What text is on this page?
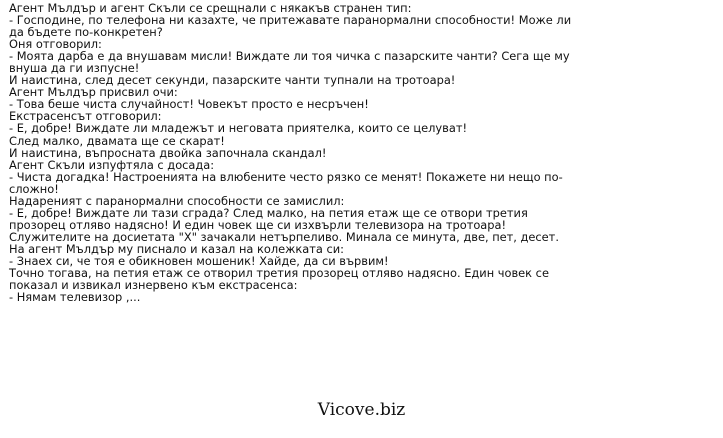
Агент Мълдър и агент Скъли се срещнали с някакъв странен тип:
- Господине, по телефона ни казахте, че притежавате паранормални способности! Може ли да бъдете по-конкретен?
Оня отговорил:
- Моята дарба е да внушавам мисли! Виждате ли тоя чичка с пазарските чанти? Сега ще му внуша да ги изпусне!
И наистина, след десет секунди, пазарските чанти тупнали на тротоара!
Агент Мълдър присвил очи:
- Това беше чиста случайност! Човекът просто е несръчен!
Екстрасенсът отговорил:
- Е, добре! Виждате ли младежът и неговата приятелка, които се целуват!
След малко, двамата ще се скарат!
И наистина, въпросната двойка започнала скандал!
Агент Скъли изпуфтяла с досада:
- Чиста догадка! Настроенията на влюбените често рязко се менят! Покажете ни нещо по-сложно!
Надареният с паранормални способности се замислил:
- Е, добре! Виждате ли тази сграда? След малко, на петия етаж ще се отвори третия прозорец отляво надясно! И един човек ще си изхвърли телевизора на тротоара!
Служителите на досиетата "Х" зачакали нетърпеливо. Минала се минута, две, пет, десет.
На агент Мълдър му писнало и казал на колежката си:
- Знаех си, че тоя е обикновен мошеник! Хайде, да си вървим!
Точно тогава, на петия етаж се отворил третия прозорец отляво надясно. Един човек се показал и извикал изнервено към екстрасенса:
- Нямам телевизор ,...
Vicove.biz
